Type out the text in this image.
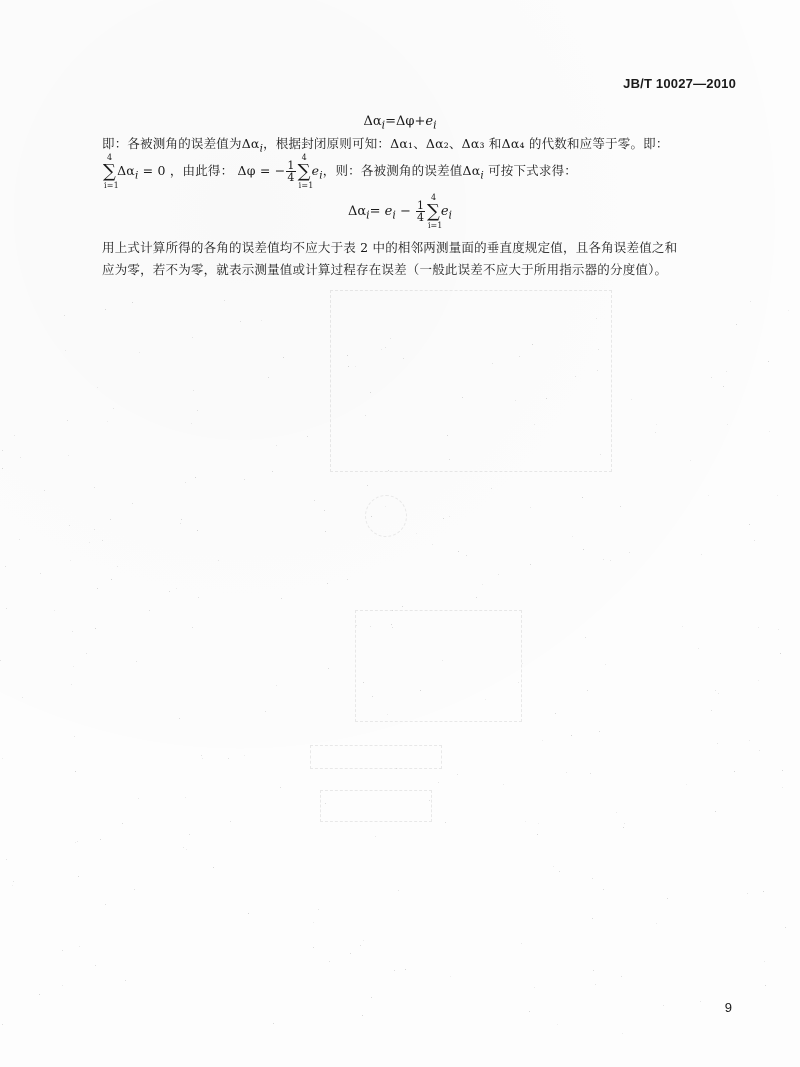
JB/T 10027—2010
$\Delta\alpha_i=\Delta\varphi+e_i$
即：各被测角的误差值为$\Delta\alpha_i$，根据封闭原则可知：Δα₁、Δα₂、Δα₃ 和Δα₄ 的代数和应等于零。即：
∑
4
i=1
$\Delta\alpha_i = 0$ ，由此得： Δφ = − $\frac{1}{4}$ ∑
4
i=1
$e_i$，则：各被测角的误差值$\Delta\alpha_i$ 可按下式求得：
$\Delta\alpha_i= e_i - \frac{1}{4}$ ∑
4
i=1
$e_i$
用上式计算所得的各角的误差值均不应大于表 2 中的相邻两测量面的垂直度规定值，且各角误差值之和
应为零，若不为零，就表示测量值或计算过程存在误差（一般此误差不应大于所用指示器的分度值）。
9
